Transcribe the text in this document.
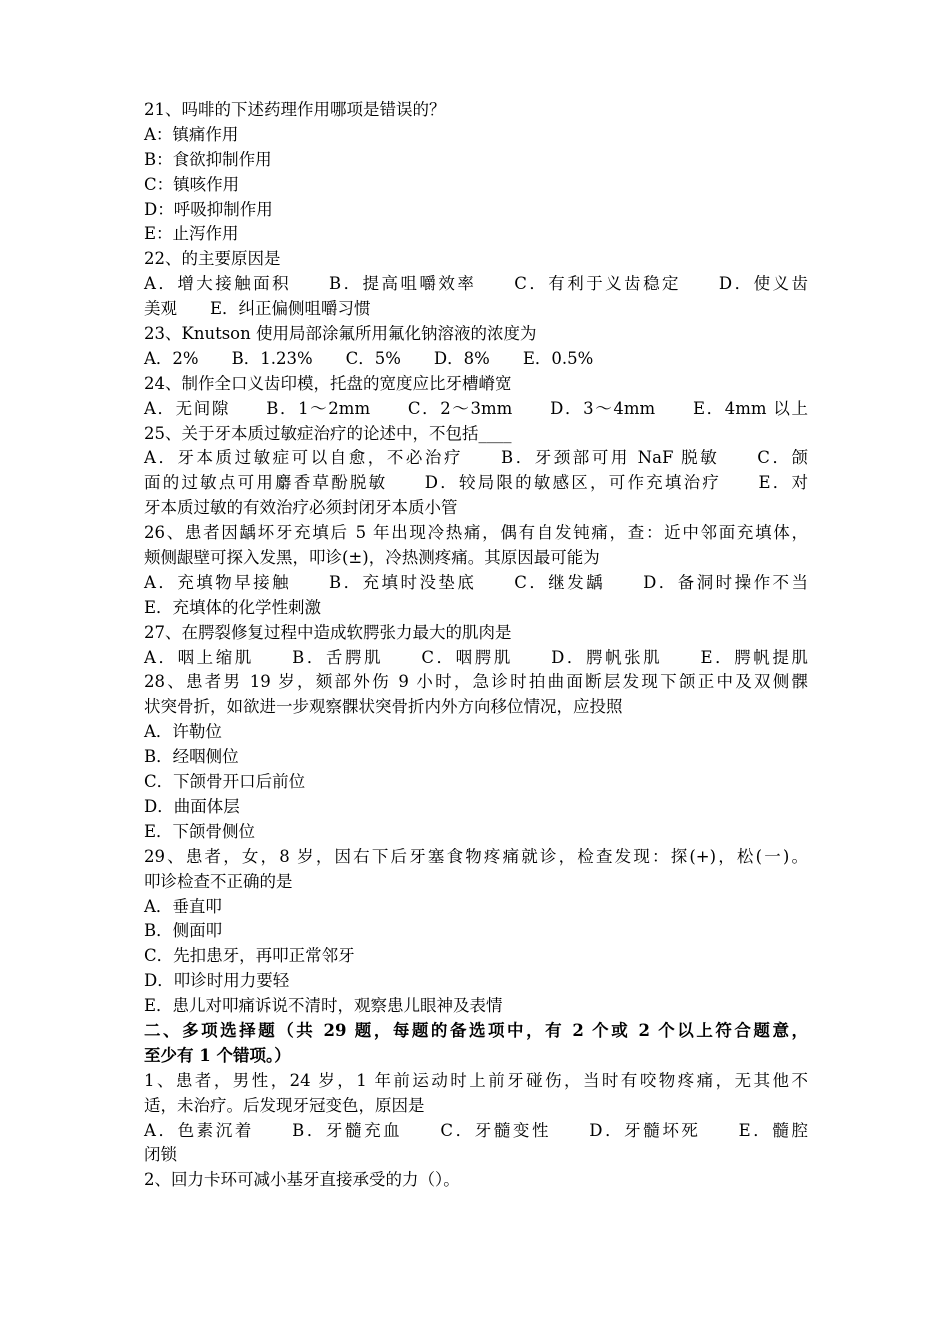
21、吗啡的下述药理作用哪项是错误的？
A：镇痛作用
B：食欲抑制作用
C：镇咳作用
D：呼吸抑制作用
E：止泻作用
22、的主要原因是
A．增大接触面积　　B．提高咀嚼效率　　C．有利于义齿稳定　　D．使义齿
美观　　E．纠正偏侧咀嚼习惯
23、Knutson 使用局部涂氟所用氟化钠溶液的浓度为
A．2%　　B．1.23%　　C．5%　　D．8%　　E．0.5%
24、制作全口义齿印模，托盘的宽度应比牙槽嵴宽
A．无间隙　　B．1～2mm　　C．2～3mm　　D．3～4mm　　E．4mm 以上
25、关于牙本质过敏症治疗的论述中，不包括____
A．牙本质过敏症可以自愈，不必治疗　　B．牙颈部可用 NaF 脱敏　　C．颌
面的过敏点可用麝香草酚脱敏　　D．较局限的敏感区，可作充填治疗　　E．对
牙本质过敏的有效治疗必须封闭牙本质小管
26、患者因龋坏牙充填后 5 年出现冷热痛，偶有自发钝痛，查：近中邻面充填体，
颊侧龈壁可探入发黑，叩诊(±)，冷热测疼痛。其原因最可能为
A．充填物早接触　　B．充填时没垫底　　C．继发龋　　D．备洞时操作不当
E．充填体的化学性刺激
27、在腭裂修复过程中造成软腭张力最大的肌肉是
A．咽上缩肌　　B．舌腭肌　　C．咽腭肌　　D．腭帆张肌　　E．腭帆提肌
28、患者男 19 岁，颏部外伤 9 小时，急诊时拍曲面断层发现下颌正中及双侧髁
状突骨折，如欲进一步观察髁状突骨折内外方向移位情况，应投照
A．许勒位
B．经咽侧位
C．下颌骨开口后前位
D．曲面体层
E．下颌骨侧位
29、患者，女，8 岁，因右下后牙塞食物疼痛就诊，检查发现：探(+)，松(一)。
叩诊检查不正确的是
A．垂直叩
B．侧面叩
C．先扣患牙，再叩正常邻牙
D．叩诊时用力要轻
E．患儿对叩痛诉说不清时，观察患儿眼神及表情
二、多项选择题（共 29 题，每题的备选项中，有 2 个或 2 个以上符合题意，
至少有 1 个错项。）
1、患者，男性，24 岁，1 年前运动时上前牙碰伤，当时有咬物疼痛，无其他不
适，未治疗。后发现牙冠变色，原因是
A．色素沉着　　B．牙髓充血　　C．牙髓变性　　D．牙髓坏死　　E．髓腔
闭锁
2、回力卡环可减小基牙直接承受的力（）。
